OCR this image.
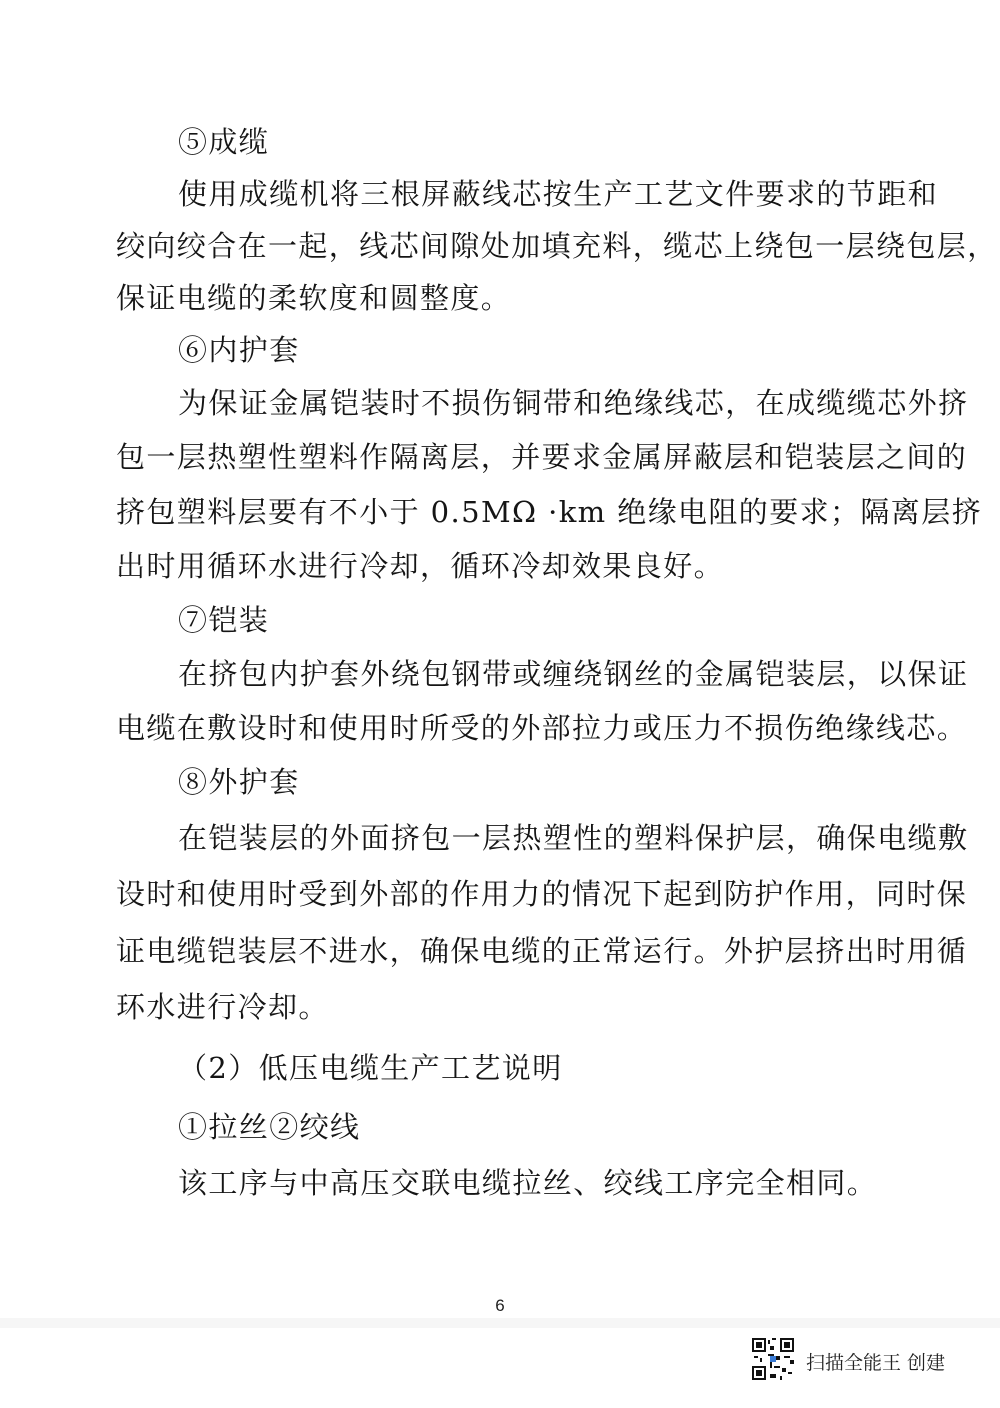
⑤成缆
使用成缆机将三根屏蔽线芯按生产工艺文件要求的节距和
绞向绞合在一起，线芯间隙处加填充料，缆芯上绕包一层绕包层，
保证电缆的柔软度和圆整度。
⑥内护套
为保证金属铠装时不损伤铜带和绝缘线芯，在成缆缆芯外挤
包一层热塑性塑料作隔离层，并要求金属屏蔽层和铠装层之间的
挤包塑料层要有不小于 0.5MΩ ·km 绝缘电阻的要求；隔离层挤
出时用循环水进行冷却，循环冷却效果良好。
⑦铠装
在挤包内护套外绕包钢带或缠绕钢丝的金属铠装层，以保证
电缆在敷设时和使用时所受的外部拉力或压力不损伤绝缘线芯。
⑧外护套
在铠装层的外面挤包一层热塑性的塑料保护层，确保电缆敷
设时和使用时受到外部的作用力的情况下起到防护作用，同时保
证电缆铠装层不进水，确保电缆的正常运行。外护层挤出时用循
环水进行冷却。
（2）低压电缆生产工艺说明
①拉丝②绞线
该工序与中高压交联电缆拉丝、绞线工序完全相同。
6
扫描全能王 创建
